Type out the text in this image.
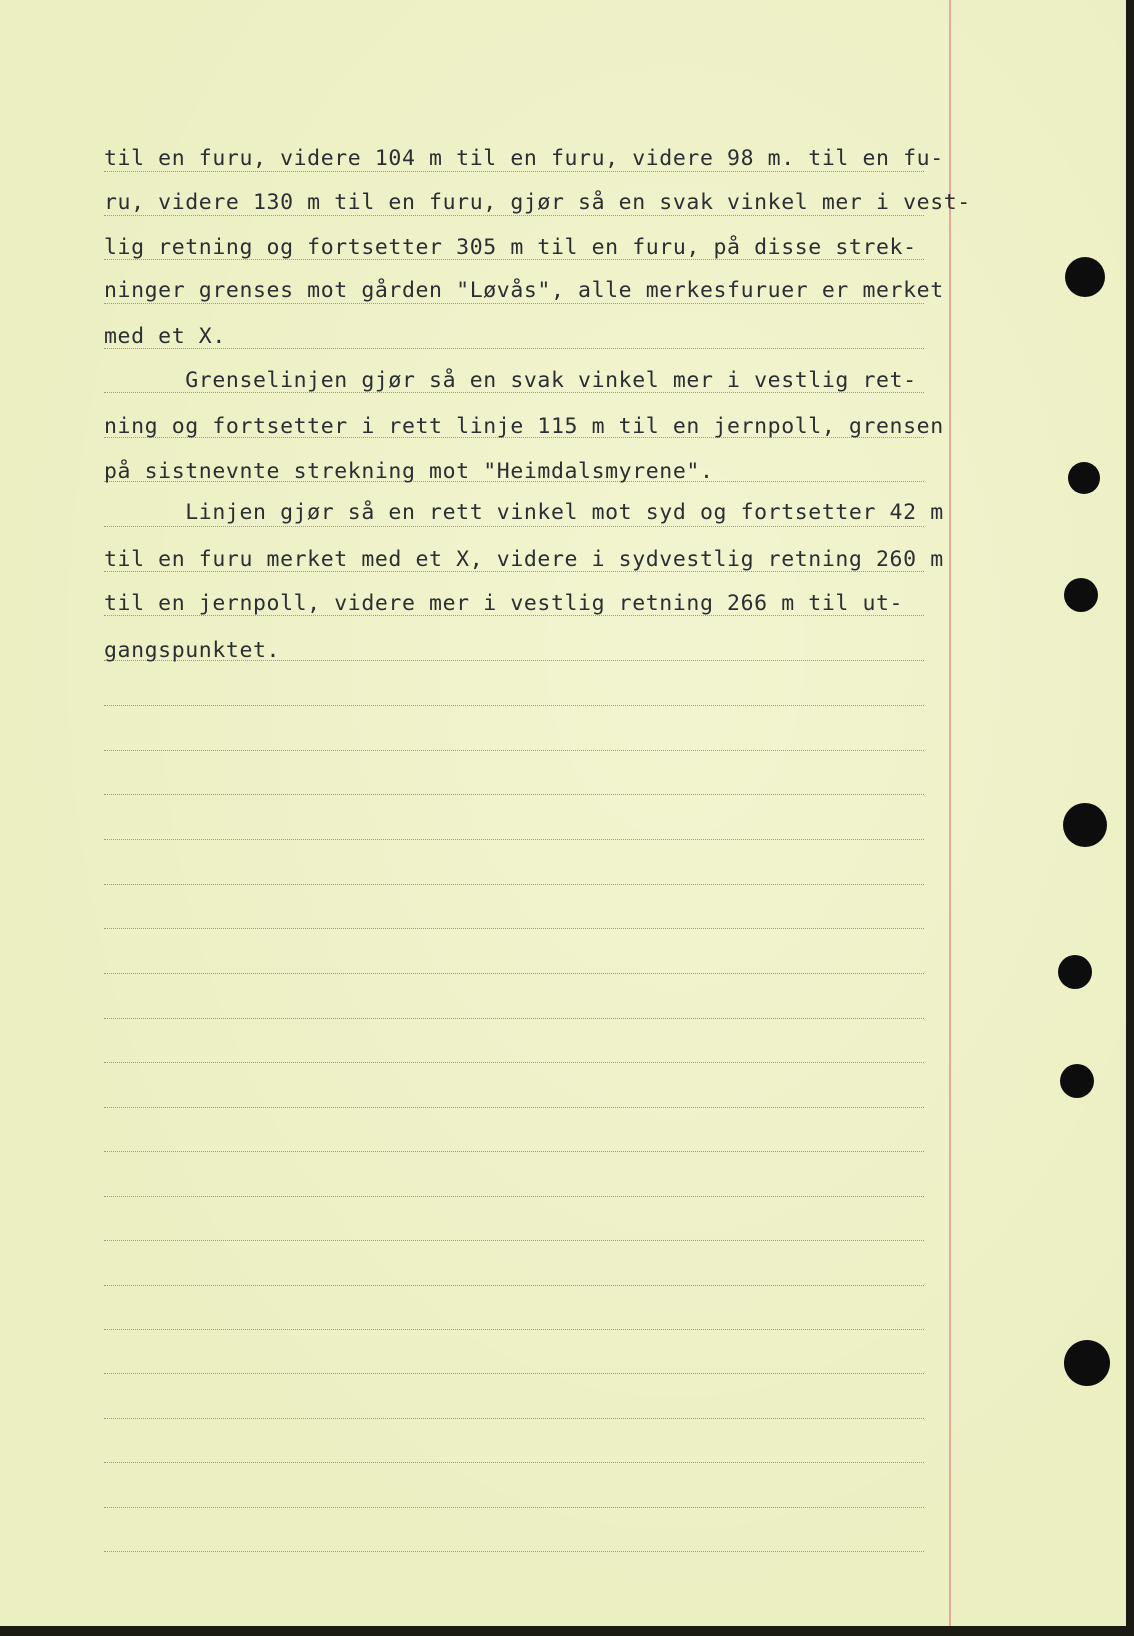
til en furu, videre 104 m til en furu, videre 98 m. til en fu-
ru, videre 130 m til en furu, gjør så en svak vinkel mer i vest-
lig retning og fortsetter 305 m til en furu, på disse strek-
ninger grenses mot gården "Løvås", alle merkesfuruer er merket
med et X.
Grenselinjen gjør så en svak vinkel mer i vestlig ret-
ning og fortsetter i rett linje 115 m til en jernpoll, grensen
på sistnevnte strekning mot "Heimdalsmyrene".
Linjen gjør så en rett vinkel mot syd og fortsetter 42 m
til en furu merket med et X, videre i sydvestlig retning 260 m
til en jernpoll, videre mer i vestlig retning 266 m til ut-
gangspunktet.
